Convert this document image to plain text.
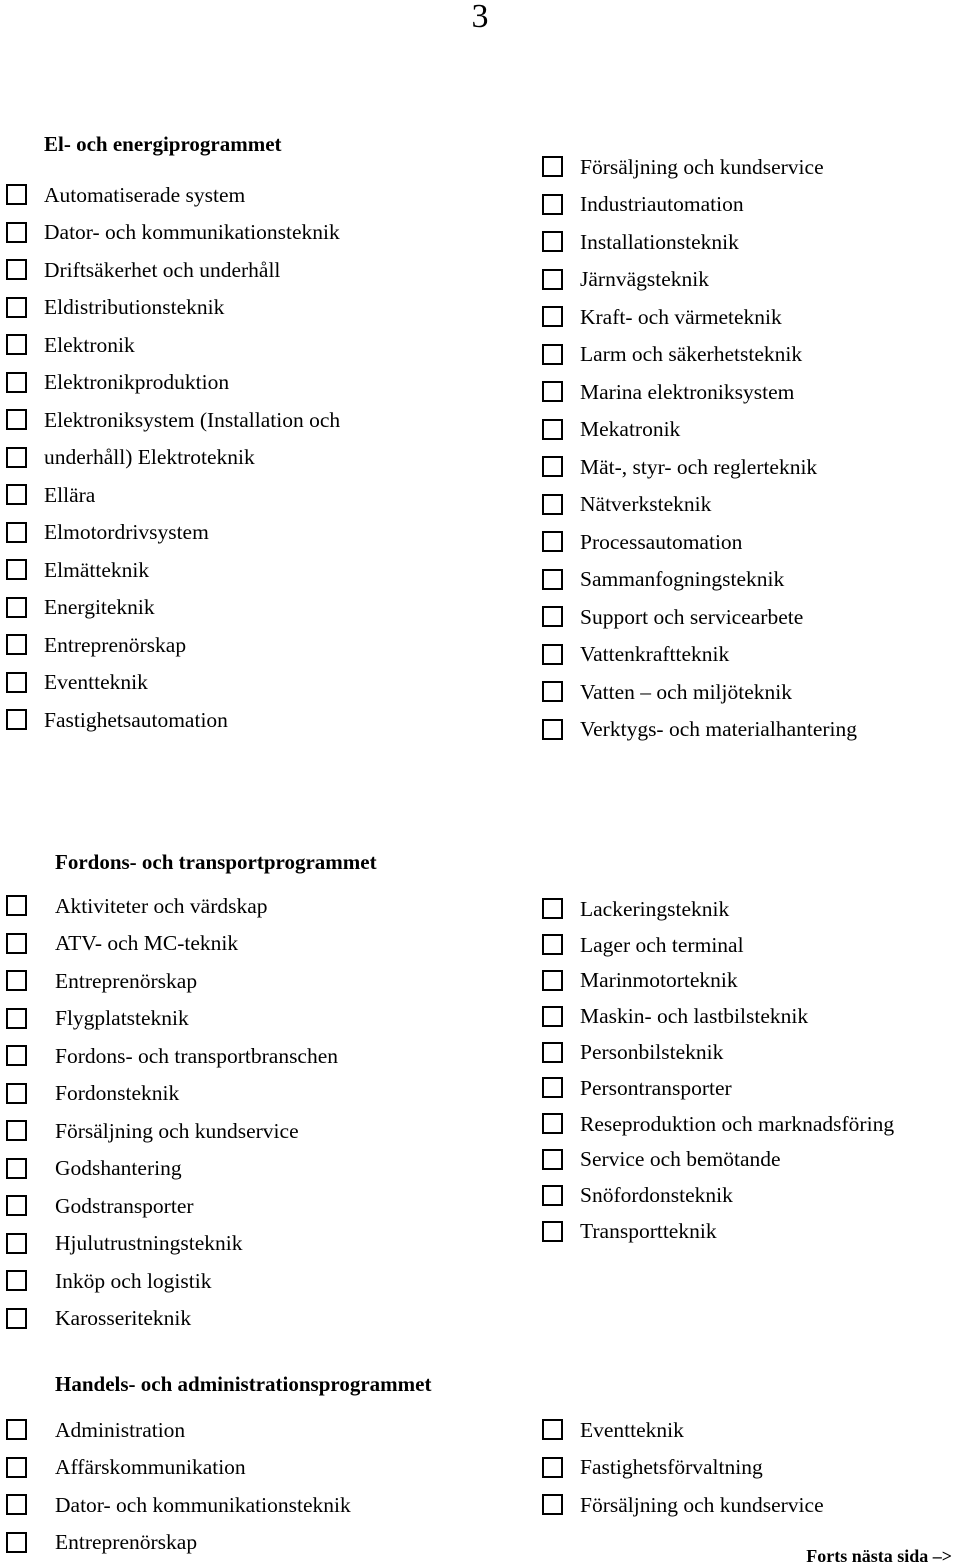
3
El- och energiprogrammet
Automatiserade system
Dator- och kommunikationsteknik
Driftsäkerhet och underhåll
Eldistributionsteknik
Elektronik
Elektronikproduktion
Elektroniksystem (Installation och
underhåll) Elektroteknik
Ellära
Elmotordrivsystem
Elmätteknik
Energiteknik
Entreprenörskap
Eventteknik
Fastighetsautomation
Försäljning och kundservice
Industriautomation
Installationsteknik
Järnvägsteknik
Kraft- och värmeteknik
Larm och säkerhetsteknik
Marina elektroniksystem
Mekatronik
Mät-, styr- och reglerteknik
Nätverksteknik
Processautomation
Sammanfogningsteknik
Support och servicearbete
Vattenkraftteknik
Vatten – och miljöteknik
Verktygs- och materialhantering
Fordons- och transportprogrammet
Aktiviteter och värdskap
ATV- och MC-teknik
Entreprenörskap
Flygplatsteknik
Fordons- och transportbranschen
Fordonsteknik
Försäljning och kundservice
Godshantering
Godstransporter
Hjulutrustningsteknik
Inköp och logistik
Karosseriteknik
Lackeringsteknik
Lager och terminal
Marinmotorteknik
Maskin- och lastbilsteknik
Personbilsteknik
Persontransporter
Reseproduktion och marknadsföring
Service och bemötande
Snöfordonsteknik
Transportteknik
Handels- och administrationsprogrammet
Administration
Affärskommunikation
Dator- och kommunikationsteknik
Entreprenörskap
Eventteknik
Fastighetsförvaltning
Försäljning och kundservice
Forts nästa sida –>
